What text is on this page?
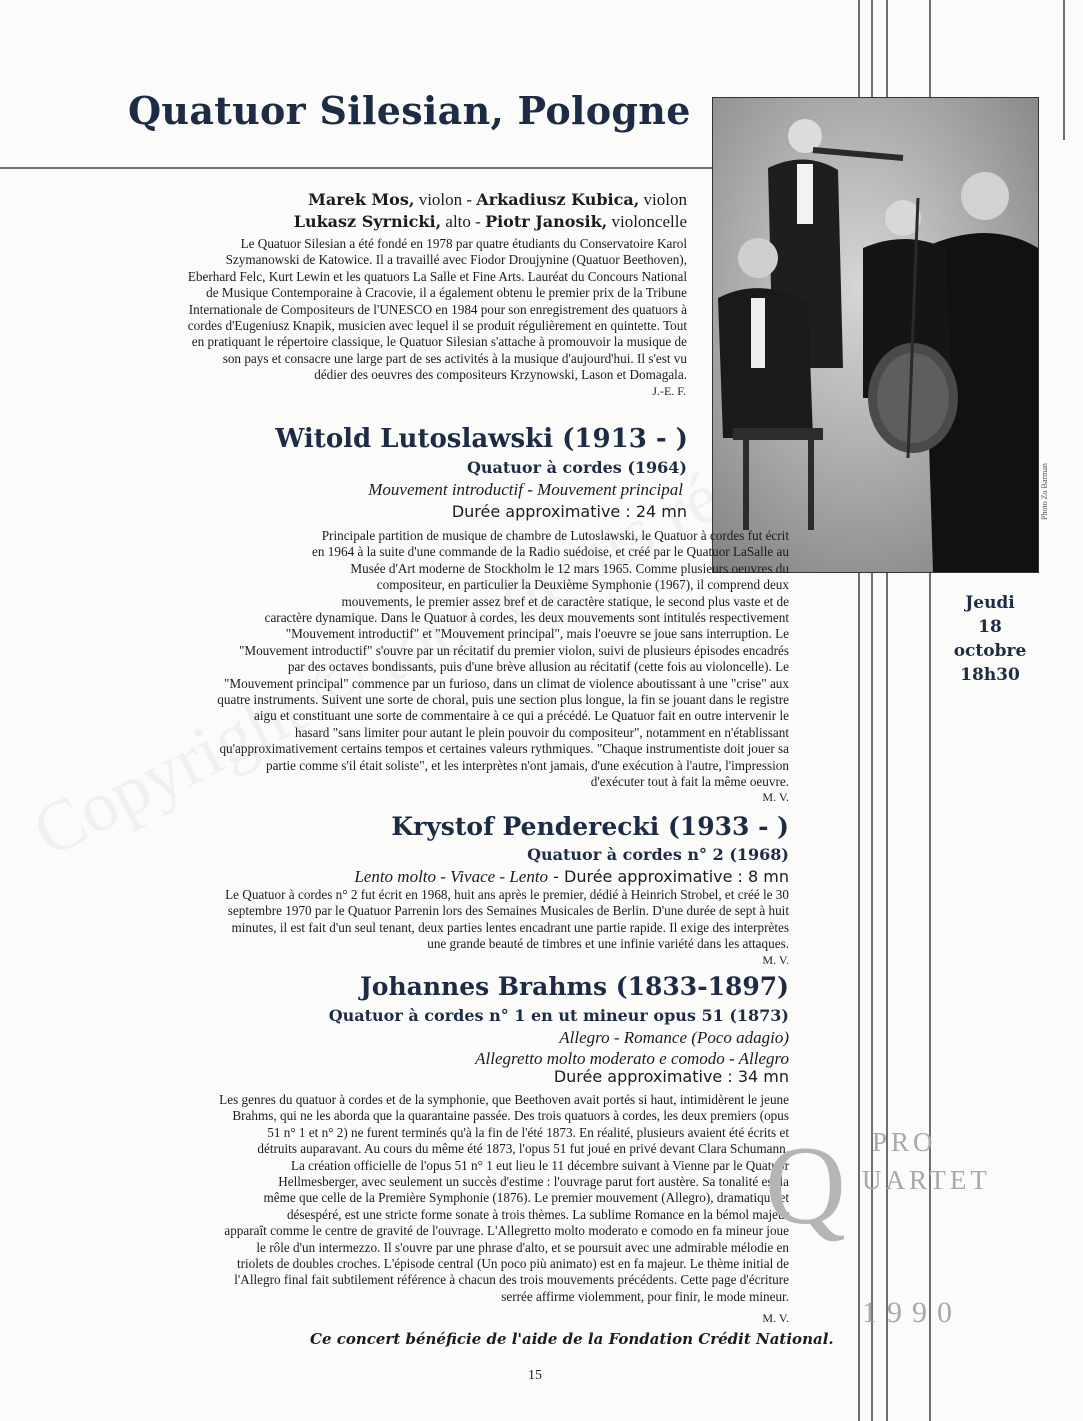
Quatuor Silesian, Pologne
Photo Zo Barman
Marek Mos, violon - Arkadiusz Kubica, violon
Lukasz Syrnicki, alto - Piotr Janosik, violoncelle
Le Quatuor Silesian a été fondé en 1978 par quatre étudiants du Conservatoire Karol
Szymanowski de Katowice. Il a travaillé avec Fiodor Droujynine (Quatuor Beethoven),
Eberhard Felc, Kurt Lewin et les quatuors La Salle et Fine Arts. Lauréat du Concours National
de Musique Contemporaine à Cracovie, il a également obtenu le premier prix de la Tribune
Internationale de Compositeurs de l'UNESCO en 1984 pour son enregistrement des quatuors à
cordes d'Eugeniusz Knapik, musicien avec lequel il se produit régulièrement en quintette. Tout
en pratiquant le répertoire classique, le Quatuor Silesian s'attache à promouvoir la musique de
son pays et consacre une large part de ses activités à la musique d'aujourd'hui. Il s'est vu
dédier des oeuvres des compositeurs Krzynowski, Lason et Domagala.
J.-E. F.
Witold Lutoslawski (1913 - )
Quatuor à cordes (1964)
Mouvement introductif - Mouvement principal
Durée approximative : 24 mn
Principale partition de musique de chambre de Lutoslawski, le Quatuor à cordes fut écrit
en 1964 à la suite d'une commande de la Radio suédoise, et créé par le Quatuor LaSalle au
Musée d'Art moderne de Stockholm le 12 mars 1965. Comme plusieurs oeuvres du
compositeur, en particulier la Deuxième Symphonie (1967), il comprend deux
mouvements, le premier assez bref et de caractère statique, le second plus vaste et de
caractère dynamique. Dans le Quatuor à cordes, les deux mouvements sont intitulés respectivement
"Mouvement introductif" et "Mouvement principal", mais l'oeuvre se joue sans interruption. Le
"Mouvement introductif" s'ouvre par un récitatif du premier violon, suivi de plusieurs épisodes encadrés
par des octaves bondissants, puis d'une brève allusion au récitatif (cette fois au violoncelle). Le
"Mouvement principal" commence par un furioso, dans un climat de violence aboutissant à une "crise" aux
quatre instruments. Suivent une sorte de choral, puis une section plus longue, la fin se jouant dans le registre
aigu et constituant une sorte de commentaire à ce qui a précédé. Le Quatuor fait en outre intervenir le
hasard "sans limiter pour autant le plein pouvoir du compositeur", notamment en n'établissant
qu'approximativement certains tempos et certaines valeurs rythmiques. "Chaque instrumentiste doit jouer sa
partie comme s'il était soliste", et les interprètes n'ont jamais, d'une exécution à l'autre, l'impression
d'exécuter tout à fait la même oeuvre.
M. V.
Krystof Penderecki (1933 - )
Quatuor à cordes n° 2 (1968)
Lento molto - Vivace - Lento - Durée approximative : 8 mn
Le Quatuor à cordes n° 2 fut écrit en 1968, huit ans après le premier, dédié à Heinrich Strobel, et créé le 30
septembre 1970 par le Quatuor Parrenin lors des Semaines Musicales de Berlin. D'une durée de sept à huit
minutes, il est fait d'un seul tenant, deux parties lentes encadrant une partie rapide. Il exige des interprètes
une grande beauté de timbres et une infinie variété dans les attaques.
M. V.
Johannes Brahms (1833-1897)
Quatuor à cordes n° 1 en ut mineur opus 51 (1873)
Allegro - Romance (Poco adagio)
Allegretto molto moderato e comodo - Allegro
Durée approximative : 34 mn
Les genres du quatuor à cordes et de la symphonie, que Beethoven avait portés si haut, intimidèrent le jeune
Brahms, qui ne les aborda que la quarantaine passée. Des trois quatuors à cordes, les deux premiers (opus
51 n° 1 et n° 2) ne furent terminés qu'à la fin de l'été 1873. En réalité, plusieurs avaient été écrits et
détruits auparavant. Au cours du même été 1873, l'opus 51 fut joué en privé devant Clara Schumann.
La création officielle de l'opus 51 n° 1 eut lieu le 11 décembre suivant à Vienne par le Quatuor
Hellmesberger, avec seulement un succès d'estime : l'ouvrage parut fort austère. Sa tonalité est la
même que celle de la Première Symphonie (1876). Le premier mouvement (Allegro), dramatique et
désespéré, est une stricte forme sonate à trois thèmes. La sublime Romance en la bémol majeur
apparaît comme le centre de gravité de l'ouvrage. L'Allegretto molto moderato e comodo en fa mineur joue
le rôle d'un intermezzo. Il s'ouvre par une phrase d'alto, et se poursuit avec une admirable mélodie en
triolets de doubles croches. L'épisode central (Un poco più animato) est en fa majeur. Le thème initial de
l'Allegro final fait subtilement référence à chacun des trois mouvements précédents. Cette page d'écriture
serrée affirme violemment, pour finir, le mode mineur.
M. V.
Jeudi
18
octobre
18h30
PRO
Q UARTET
1990
Ce concert bénéficie de l'aide de la Fondation Crédit National.
15
